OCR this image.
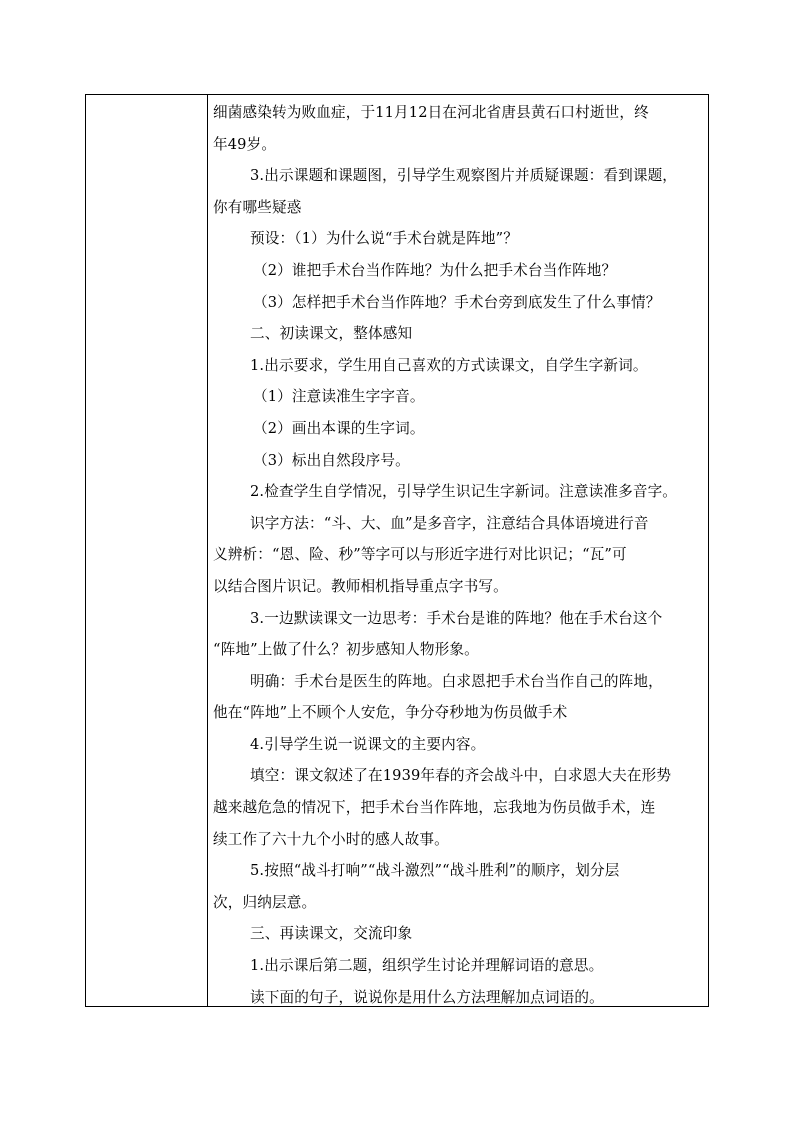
细菌感染转为败血症，于11月12日在河北省唐县黄石口村逝世，终

年49岁。

3.出示课题和课题图，引导学生观察图片并质疑课题：看到课题，

你有哪些疑惑

预设：（1）为什么说“手术台就是阵地”？

（2）谁把手术台当作阵地？为什么把手术台当作阵地？

（3）怎样把手术台当作阵地？手术台旁到底发生了什么事情？

二、初读课文，整体感知

1.出示要求，学生用自己喜欢的方式读课文，自学生字新词。

（1）注意读准生字字音。

（2）画出本课的生字词。

（3）标出自然段序号。

2.检查学生自学情况，引导学生识记生字新词。注意读准多音字。

识字方法：“斗、大、血”是多音字，注意结合具体语境进行音

义辨析：“恩、险、秒”等字可以与形近字进行对比识记；“瓦”可

以结合图片识记。教师相机指导重点字书写。

3.一边默读课文一边思考：手术台是谁的阵地？他在手术台这个

“阵地”上做了什么？初步感知人物形象。

明确：手术台是医生的阵地。白求恩把手术台当作自己的阵地，

他在“阵地”上不顾个人安危，争分夺秒地为伤员做手术

4.引导学生说一说课文的主要内容。

填空：课文叙述了在1939年春的齐会战斗中，白求恩大夫在形势

越来越危急的情况下，把手术台当作阵地，忘我地为伤员做手术，连

续工作了六十九个小时的感人故事。

5.按照“战斗打响”“战斗激烈”“战斗胜利”的顺序，划分层

次，归纳层意。

三、再读课文，交流印象

1.出示课后第二题，组织学生讨论并理解词语的意思。

读下面的句子，说说你是用什么方法理解加点词语的。
